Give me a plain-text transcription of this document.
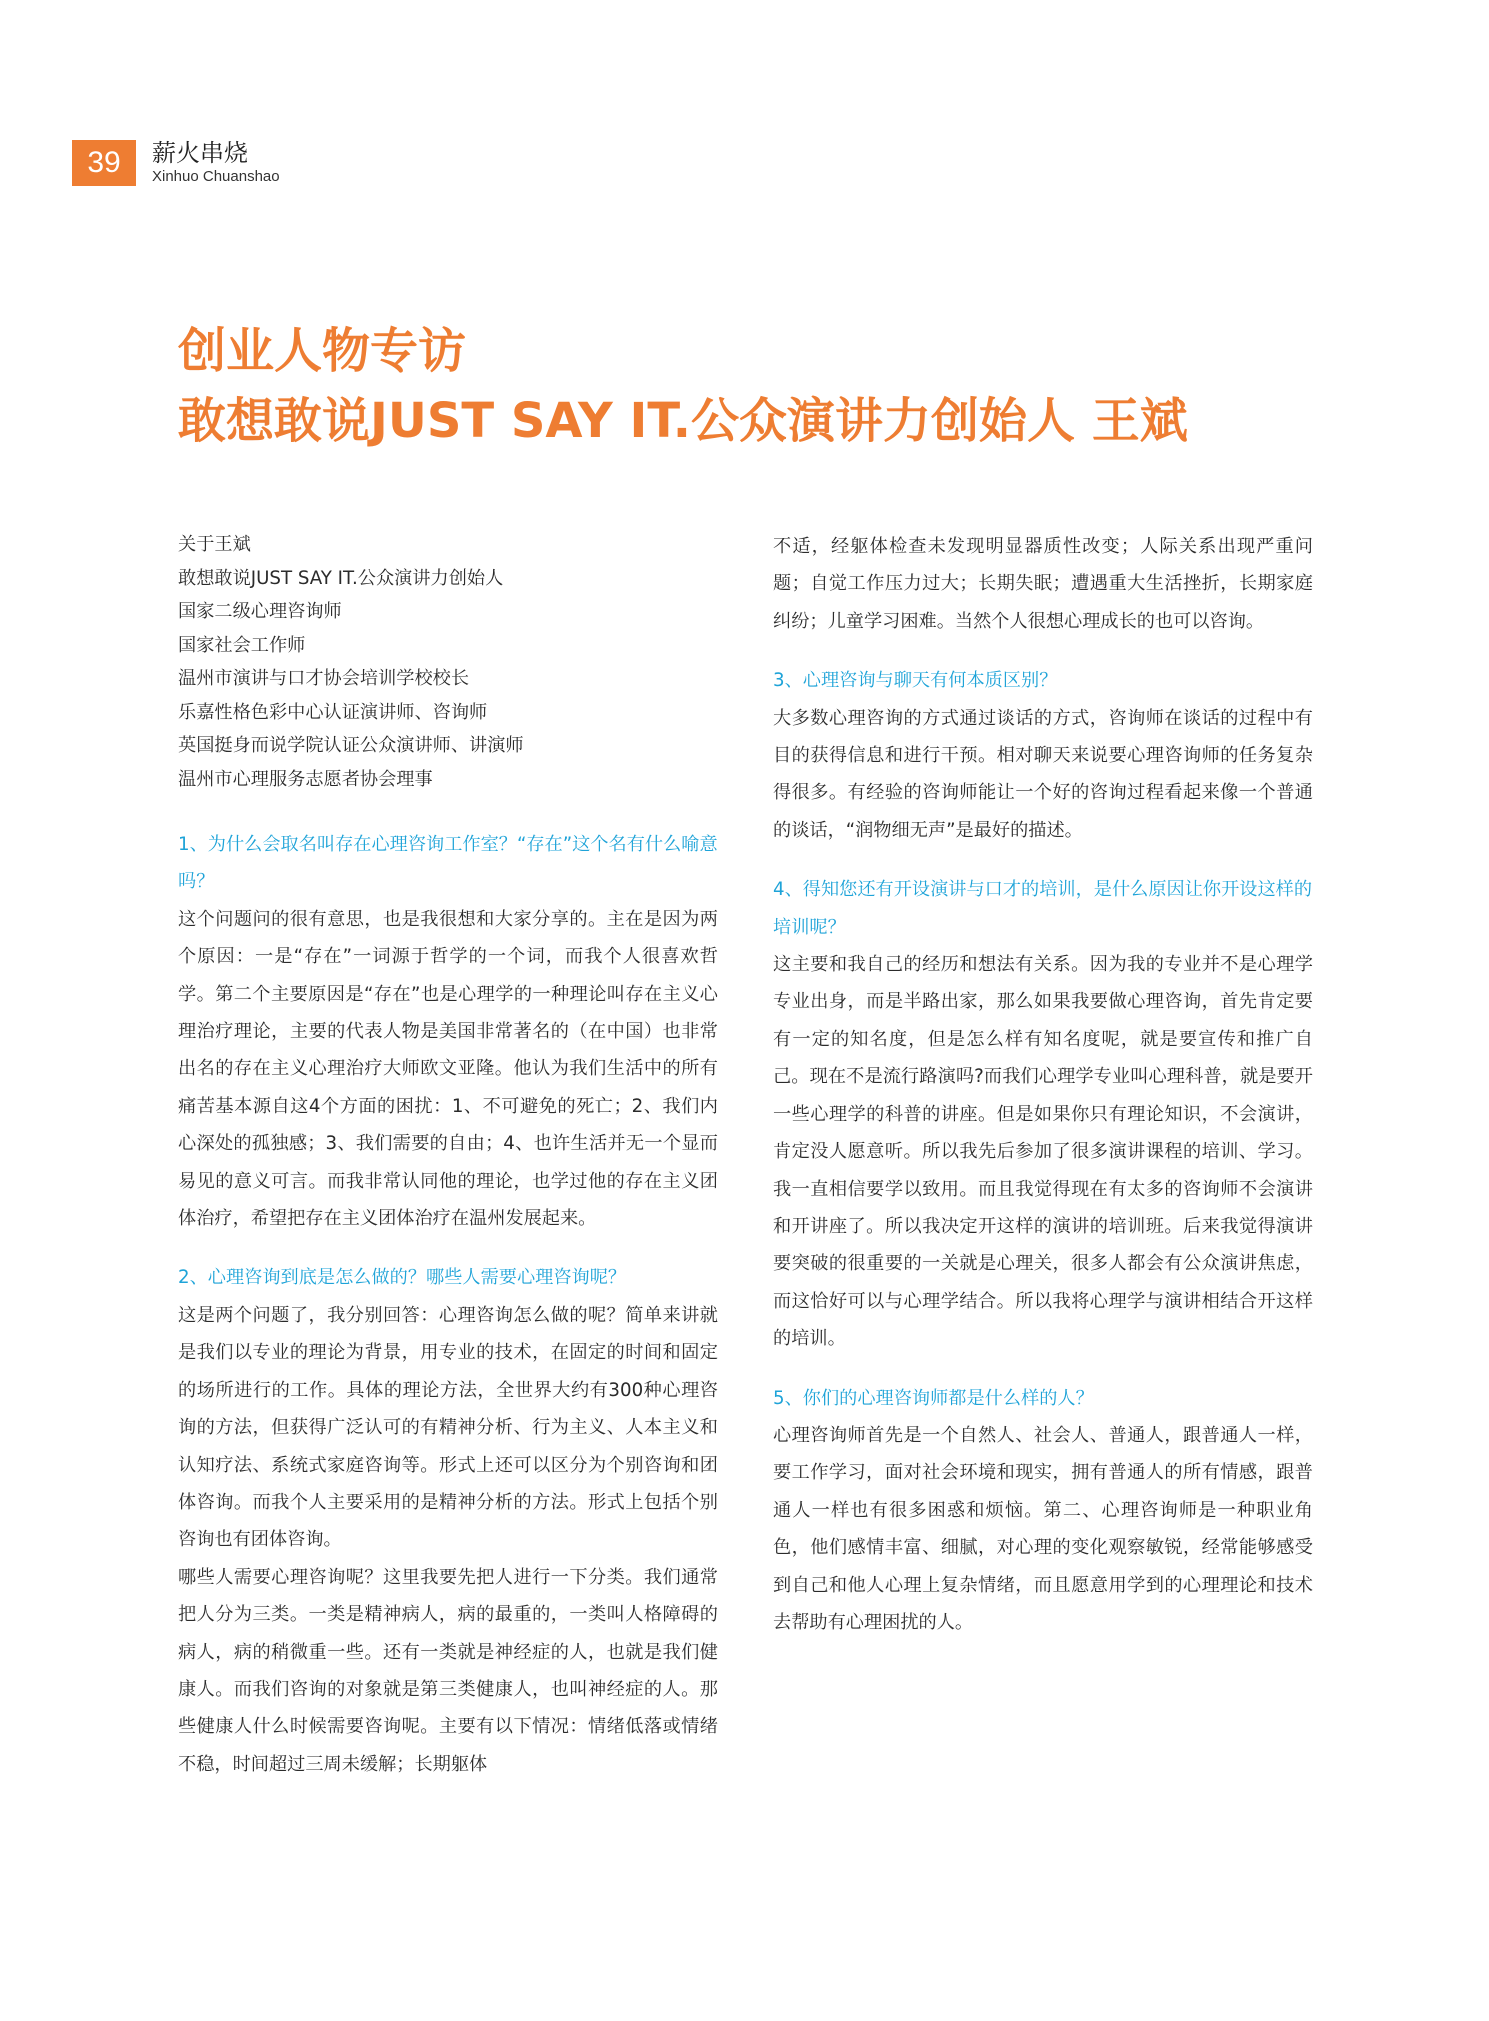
39	薪火串烧
Xinhuo Chuanshao
创业人物专访
敢想敢说JUST SAY IT.公众演讲力创始人 王斌
关于王斌
敢想敢说JUST SAY IT.公众演讲力创始人
国家二级心理咨询师
国家社会工作师
温州市演讲与口才协会培训学校校长
乐嘉性格色彩中心认证演讲师、咨询师
英国挺身而说学院认证公众演讲师、讲演师
温州市心理服务志愿者协会理事

1、为什么会取名叫存在心理咨询工作室？“存在”这个名有什么喻意吗？

这个问题问的很有意思，也是我很想和大家分享的。主在是因为两个原因：一是“存在”一词源于哲学的一个词，而我个人很喜欢哲学。第二个主要原因是“存在”也是心理学的一种理论叫存在主义心理治疗理论，主要的代表人物是美国非常著名的（在中国）也非常出名的存在主义心理治疗大师欧文亚隆。他认为我们生活中的所有痛苦基本源自这4个方面的困扰：1、不可避免的死亡；2、我们内心深处的孤独感；3、我们需要的自由；4、也许生活并无一个显而易见的意义可言。而我非常认同他的理论，也学过他的存在主义团体治疗，希望把存在主义团体治疗在温州发展起来。

2、心理咨询到底是怎么做的？哪些人需要心理咨询呢？

这是两个问题了，我分别回答：心理咨询怎么做的呢？简单来讲就是我们以专业的理论为背景，用专业的技术，在固定的时间和固定的场所进行的工作。具体的理论方法，全世界大约有300种心理咨询的方法，但获得广泛认可的有精神分析、行为主义、人本主义和认知疗法、系统式家庭咨询等。形式上还可以区分为个别咨询和团体咨询。而我个人主要采用的是精神分析的方法。形式上包括个别咨询也有团体咨询。

哪些人需要心理咨询呢？这里我要先把人进行一下分类。我们通常把人分为三类。一类是精神病人，病的最重的，一类叫人格障碍的病人，病的稍微重一些。还有一类就是神经症的人，也就是我们健康人。而我们咨询的对象就是第三类健康人，也叫神经症的人。那些健康人什么时候需要咨询呢。主要有以下情况：情绪低落或情绪不稳，时间超过三周未缓解；长期躯体

不适，经躯体检查未发现明显器质性改变；人际关系出现严重问题；自觉工作压力过大；长期失眠；遭遇重大生活挫折，长期家庭纠纷；儿童学习困难。当然个人很想心理成长的也可以咨询。

3、心理咨询与聊天有何本质区别？

大多数心理咨询的方式通过谈话的方式，咨询师在谈话的过程中有目的获得信息和进行干预。相对聊天来说要心理咨询师的任务复杂得很多。有经验的咨询师能让一个好的咨询过程看起来像一个普通的谈话，“润物细无声”是最好的描述。

4、得知您还有开设演讲与口才的培训，是什么原因让你开设这样的培训呢？

这主要和我自己的经历和想法有关系。因为我的专业并不是心理学专业出身，而是半路出家，那么如果我要做心理咨询，首先肯定要有一定的知名度，但是怎么样有知名度呢，就是要宣传和推广自己。现在不是流行路演吗?而我们心理学专业叫心理科普，就是要开一些心理学的科普的讲座。但是如果你只有理论知识，不会演讲，肯定没人愿意听。所以我先后参加了很多演讲课程的培训、学习。我一直相信要学以致用。而且我觉得现在有太多的咨询师不会演讲和开讲座了。所以我决定开这样的演讲的培训班。后来我觉得演讲要突破的很重要的一关就是心理关，很多人都会有公众演讲焦虑，而这恰好可以与心理学结合。所以我将心理学与演讲相结合开这样的培训。

5、你们的心理咨询师都是什么样的人？

心理咨询师首先是一个自然人、社会人、普通人，跟普通人一样，要工作学习，面对社会环境和现实，拥有普通人的所有情感，跟普通人一样也有很多困惑和烦恼。第二、心理咨询师是一种职业角色，他们感情丰富、细腻，对心理的变化观察敏锐，经常能够感受到自己和他人心理上复杂情绪，而且愿意用学到的心理理论和技术去帮助有心理困扰的人。
